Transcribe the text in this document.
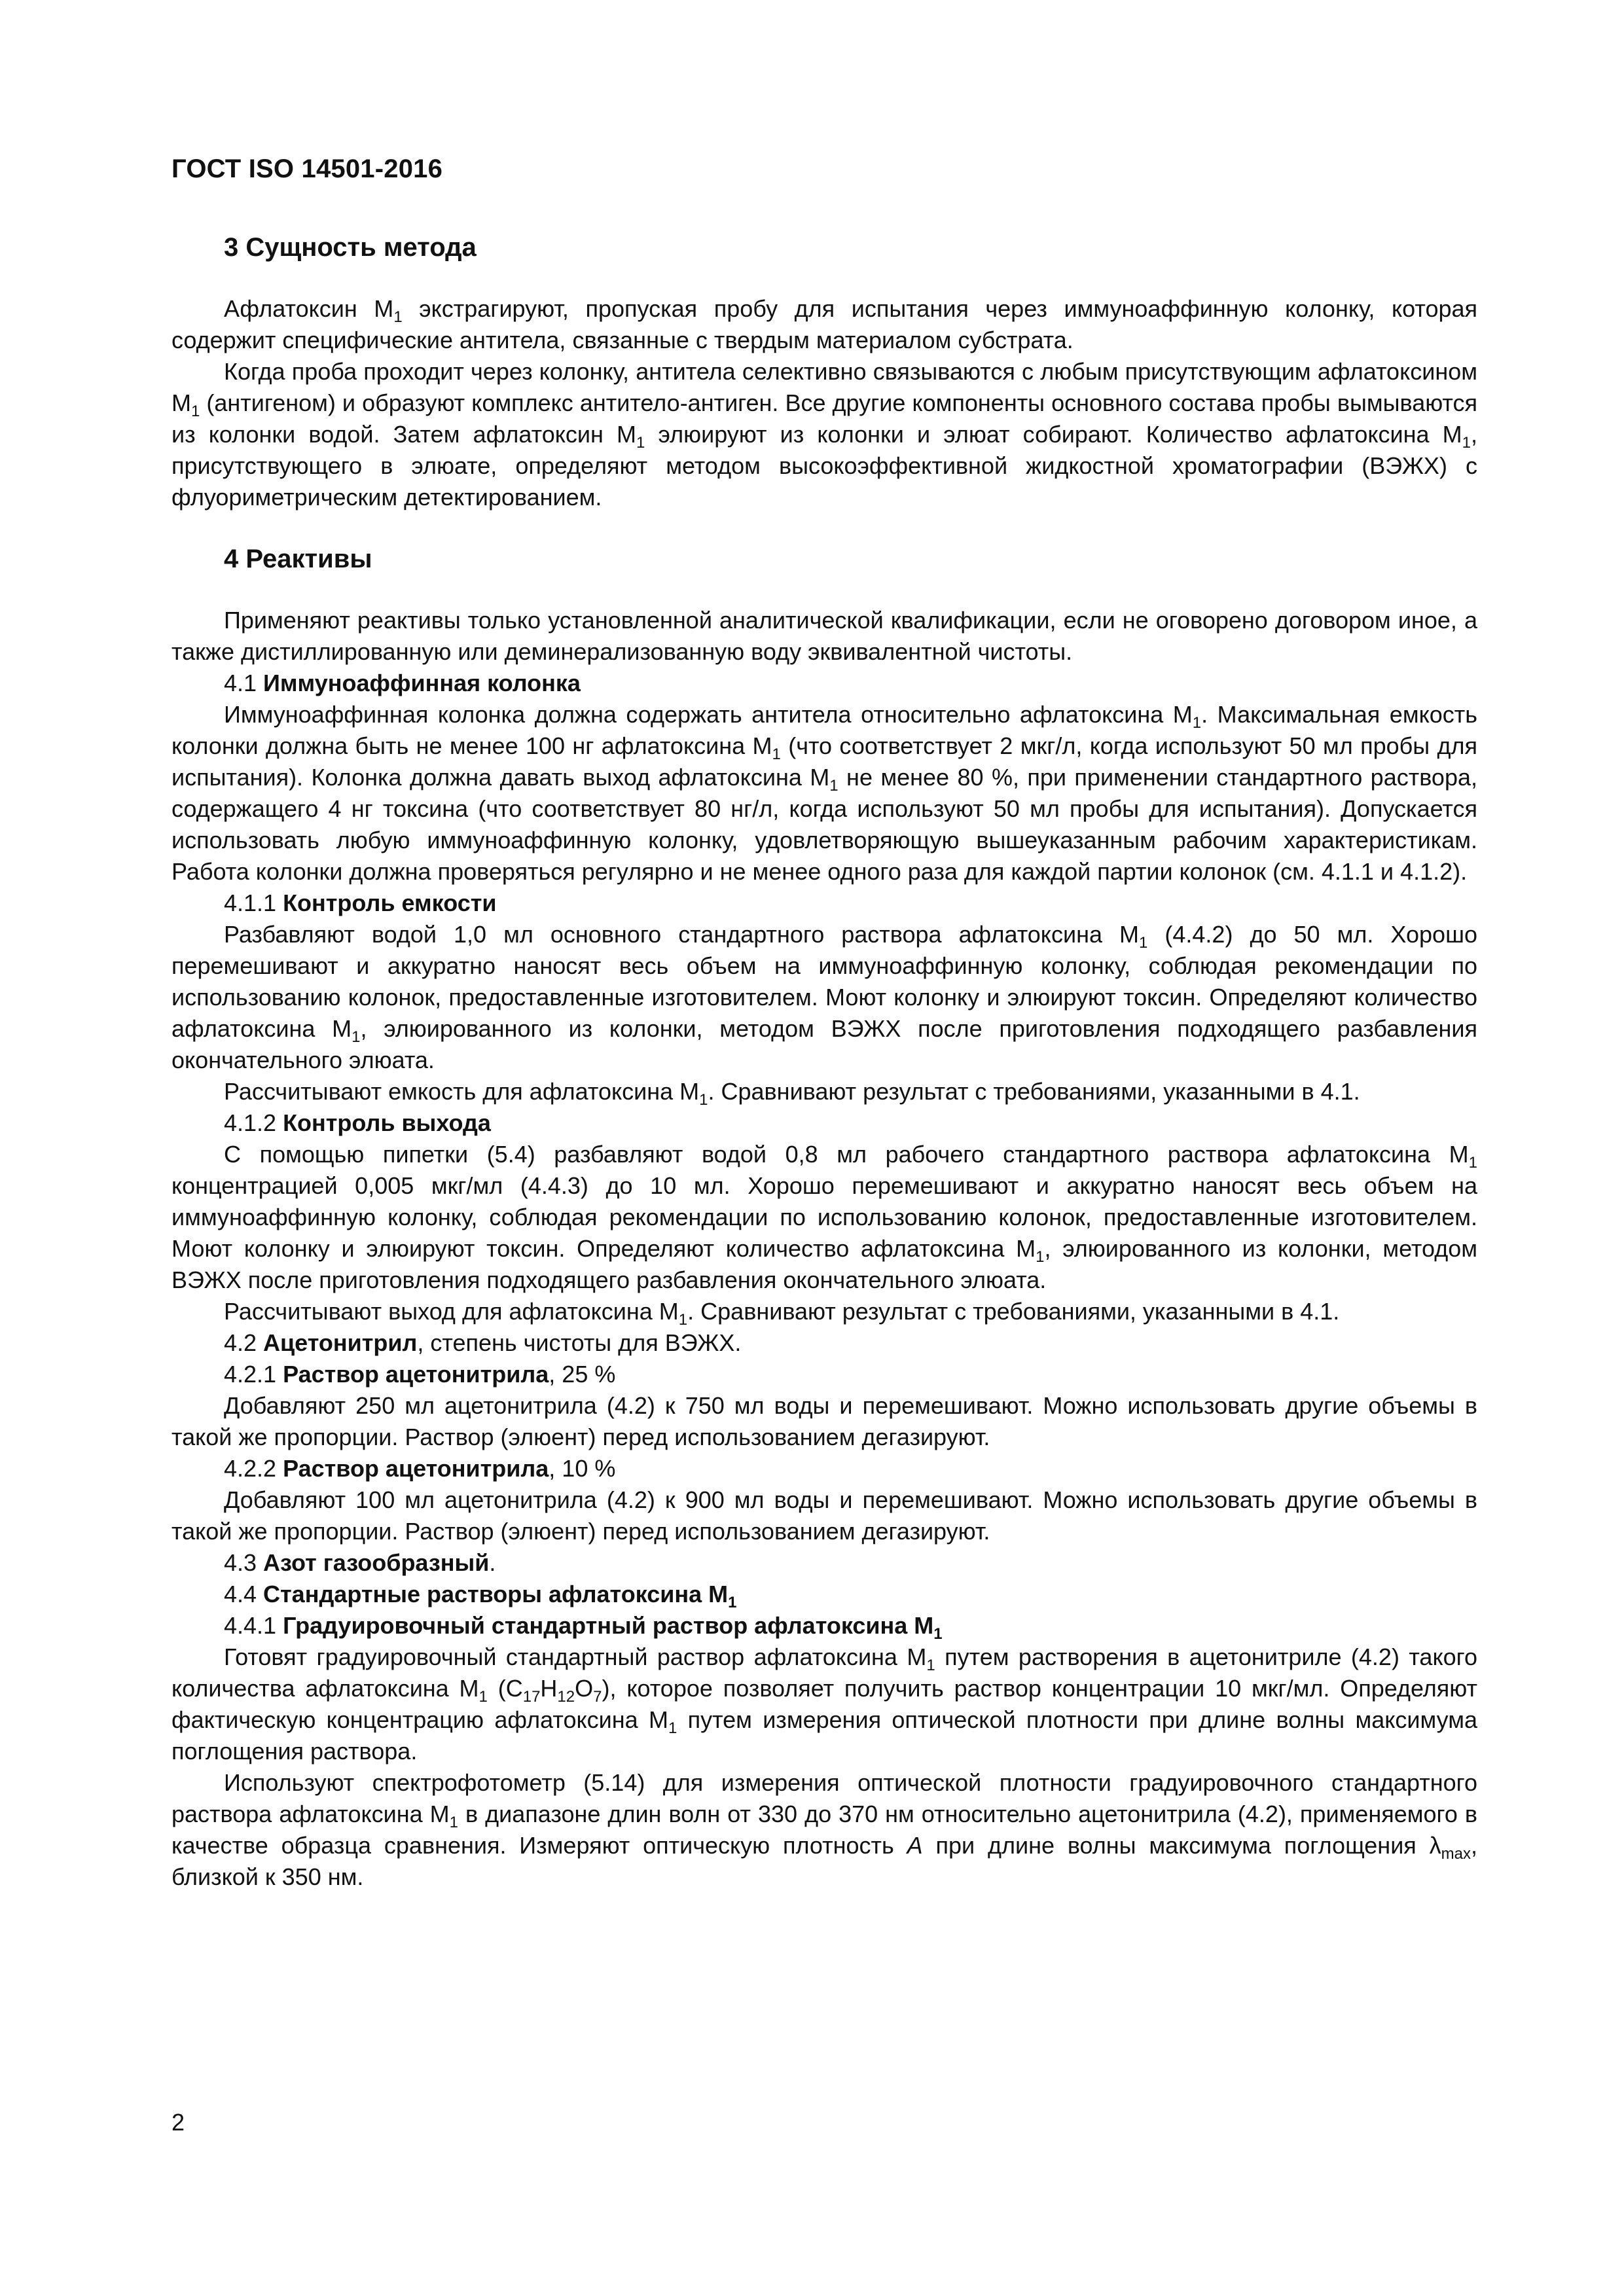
ГОСТ ISO 14501-2016

3 Сущность метода

Афлатоксин $M_1$ экстрагируют, пропуская пробу для испытания через иммуноаффинную колонку, которая содержит специфические антитела, связанные с твердым материалом субстрата.

Когда проба проходит через колонку, антитела селективно связываются с любым присутствующим афлатоксином $M_1$ (антигеном) и образуют комплекс антитело-антиген. Все другие компоненты основного состава пробы вымываются из колонки водой. Затем афлатоксин $M_1$ элюируют из колонки и элюат собирают. Количество афлатоксина $M_1$, присутствующего в элюате, определяют методом высокоэффективной жидкостной хроматографии (ВЭЖХ) с флуориметрическим детектированием.

4 Реактивы

Применяют реактивы только установленной аналитической квалификации, если не оговорено договором иное, а также дистиллированную или деминерализованную воду эквивалентной чистоты.

4.1 Иммуноаффинная колонка

Иммуноаффинная колонка должна содержать антитела относительно афлатоксина $M_1$. Максимальная емкость колонки должна быть не менее 100 нг афлатоксина $M_1$ (что соответствует 2 мкг/л, когда используют 50 мл пробы для испытания). Колонка должна давать выход афлатоксина $M_1$ не менее 80 %, при применении стандартного раствора, содержащего 4 нг токсина (что соответствует 80 нг/л, когда используют 50 мл пробы для испытания). Допускается использовать любую иммуноаффинную колонку, удовлетворяющую вышеуказанным рабочим характеристикам. Работа колонки должна проверяться регулярно и не менее одного раза для каждой партии колонок (см. 4.1.1 и 4.1.2).

4.1.1 Контроль емкости

Разбавляют водой 1,0 мл основного стандартного раствора афлатоксина $M_1$ (4.4.2) до 50 мл. Хорошо перемешивают и аккуратно наносят весь объем на иммуноаффинную колонку, соблюдая рекомендации по использованию колонок, предоставленные изготовителем. Моют колонку и элюируют токсин. Определяют количество афлатоксина $M_1$, элюированного из колонки, методом ВЭЖХ после приготовления подходящего разбавления окончательного элюата.

Рассчитывают емкость для афлатоксина $M_1$. Сравнивают результат с требованиями, указанными в 4.1.

4.1.2 Контроль выхода

С помощью пипетки (5.4) разбавляют водой 0,8 мл рабочего стандартного раствора афлатоксина $M_1$ концентрацией 0,005 мкг/мл (4.4.3) до 10 мл. Хорошо перемешивают и аккуратно наносят весь объем на иммуноаффинную колонку, соблюдая рекомендации по использованию колонок, предоставленные изготовителем. Моют колонку и элюируют токсин. Определяют количество афлатоксина $M_1$, элюированного из колонки, методом ВЭЖХ после приготовления подходящего разбавления окончательного элюата.

Рассчитывают выход для афлатоксина $M_1$. Сравнивают результат с требованиями, указанными в 4.1.

4.2 Ацетонитрил, степень чистоты для ВЭЖХ.

4.2.1 Раствор ацетонитрила, 25 %

Добавляют 250 мл ацетонитрила (4.2) к 750 мл воды и перемешивают. Можно использовать другие объемы в такой же пропорции. Раствор (элюент) перед использованием дегазируют.

4.2.2 Раствор ацетонитрила, 10 %

Добавляют 100 мл ацетонитрила (4.2) к 900 мл воды и перемешивают. Можно использовать другие объемы в такой же пропорции. Раствор (элюент) перед использованием дегазируют.

4.3 Азот газообразный.

4.4 Стандартные растворы афлатоксина $M_1$

4.4.1 Градуировочный стандартный раствор афлатоксина $M_1$

Готовят градуировочный стандартный раствор афлатоксина $M_1$ путем растворения в ацетонитриле (4.2) такого количества афлатоксина $M_1$ $(C_{17}H_{12}O_7)$, которое позволяет получить раствор концентрации 10 мкг/мл. Определяют фактическую концентрацию афлатоксина $M_1$ путем измерения оптической плотности при длине волны максимума поглощения раствора.

Используют спектрофотометр (5.14) для измерения оптической плотности градуировочного стандартного раствора афлатоксина $M_1$ в диапазоне длин волн от 330 до 370 нм относительно ацетонитрила (4.2), применяемого в качестве образца сравнения. Измеряют оптическую плотность A при длине волны максимума поглощения $\lambda_{max}$, близкой к 350 нм.

2
